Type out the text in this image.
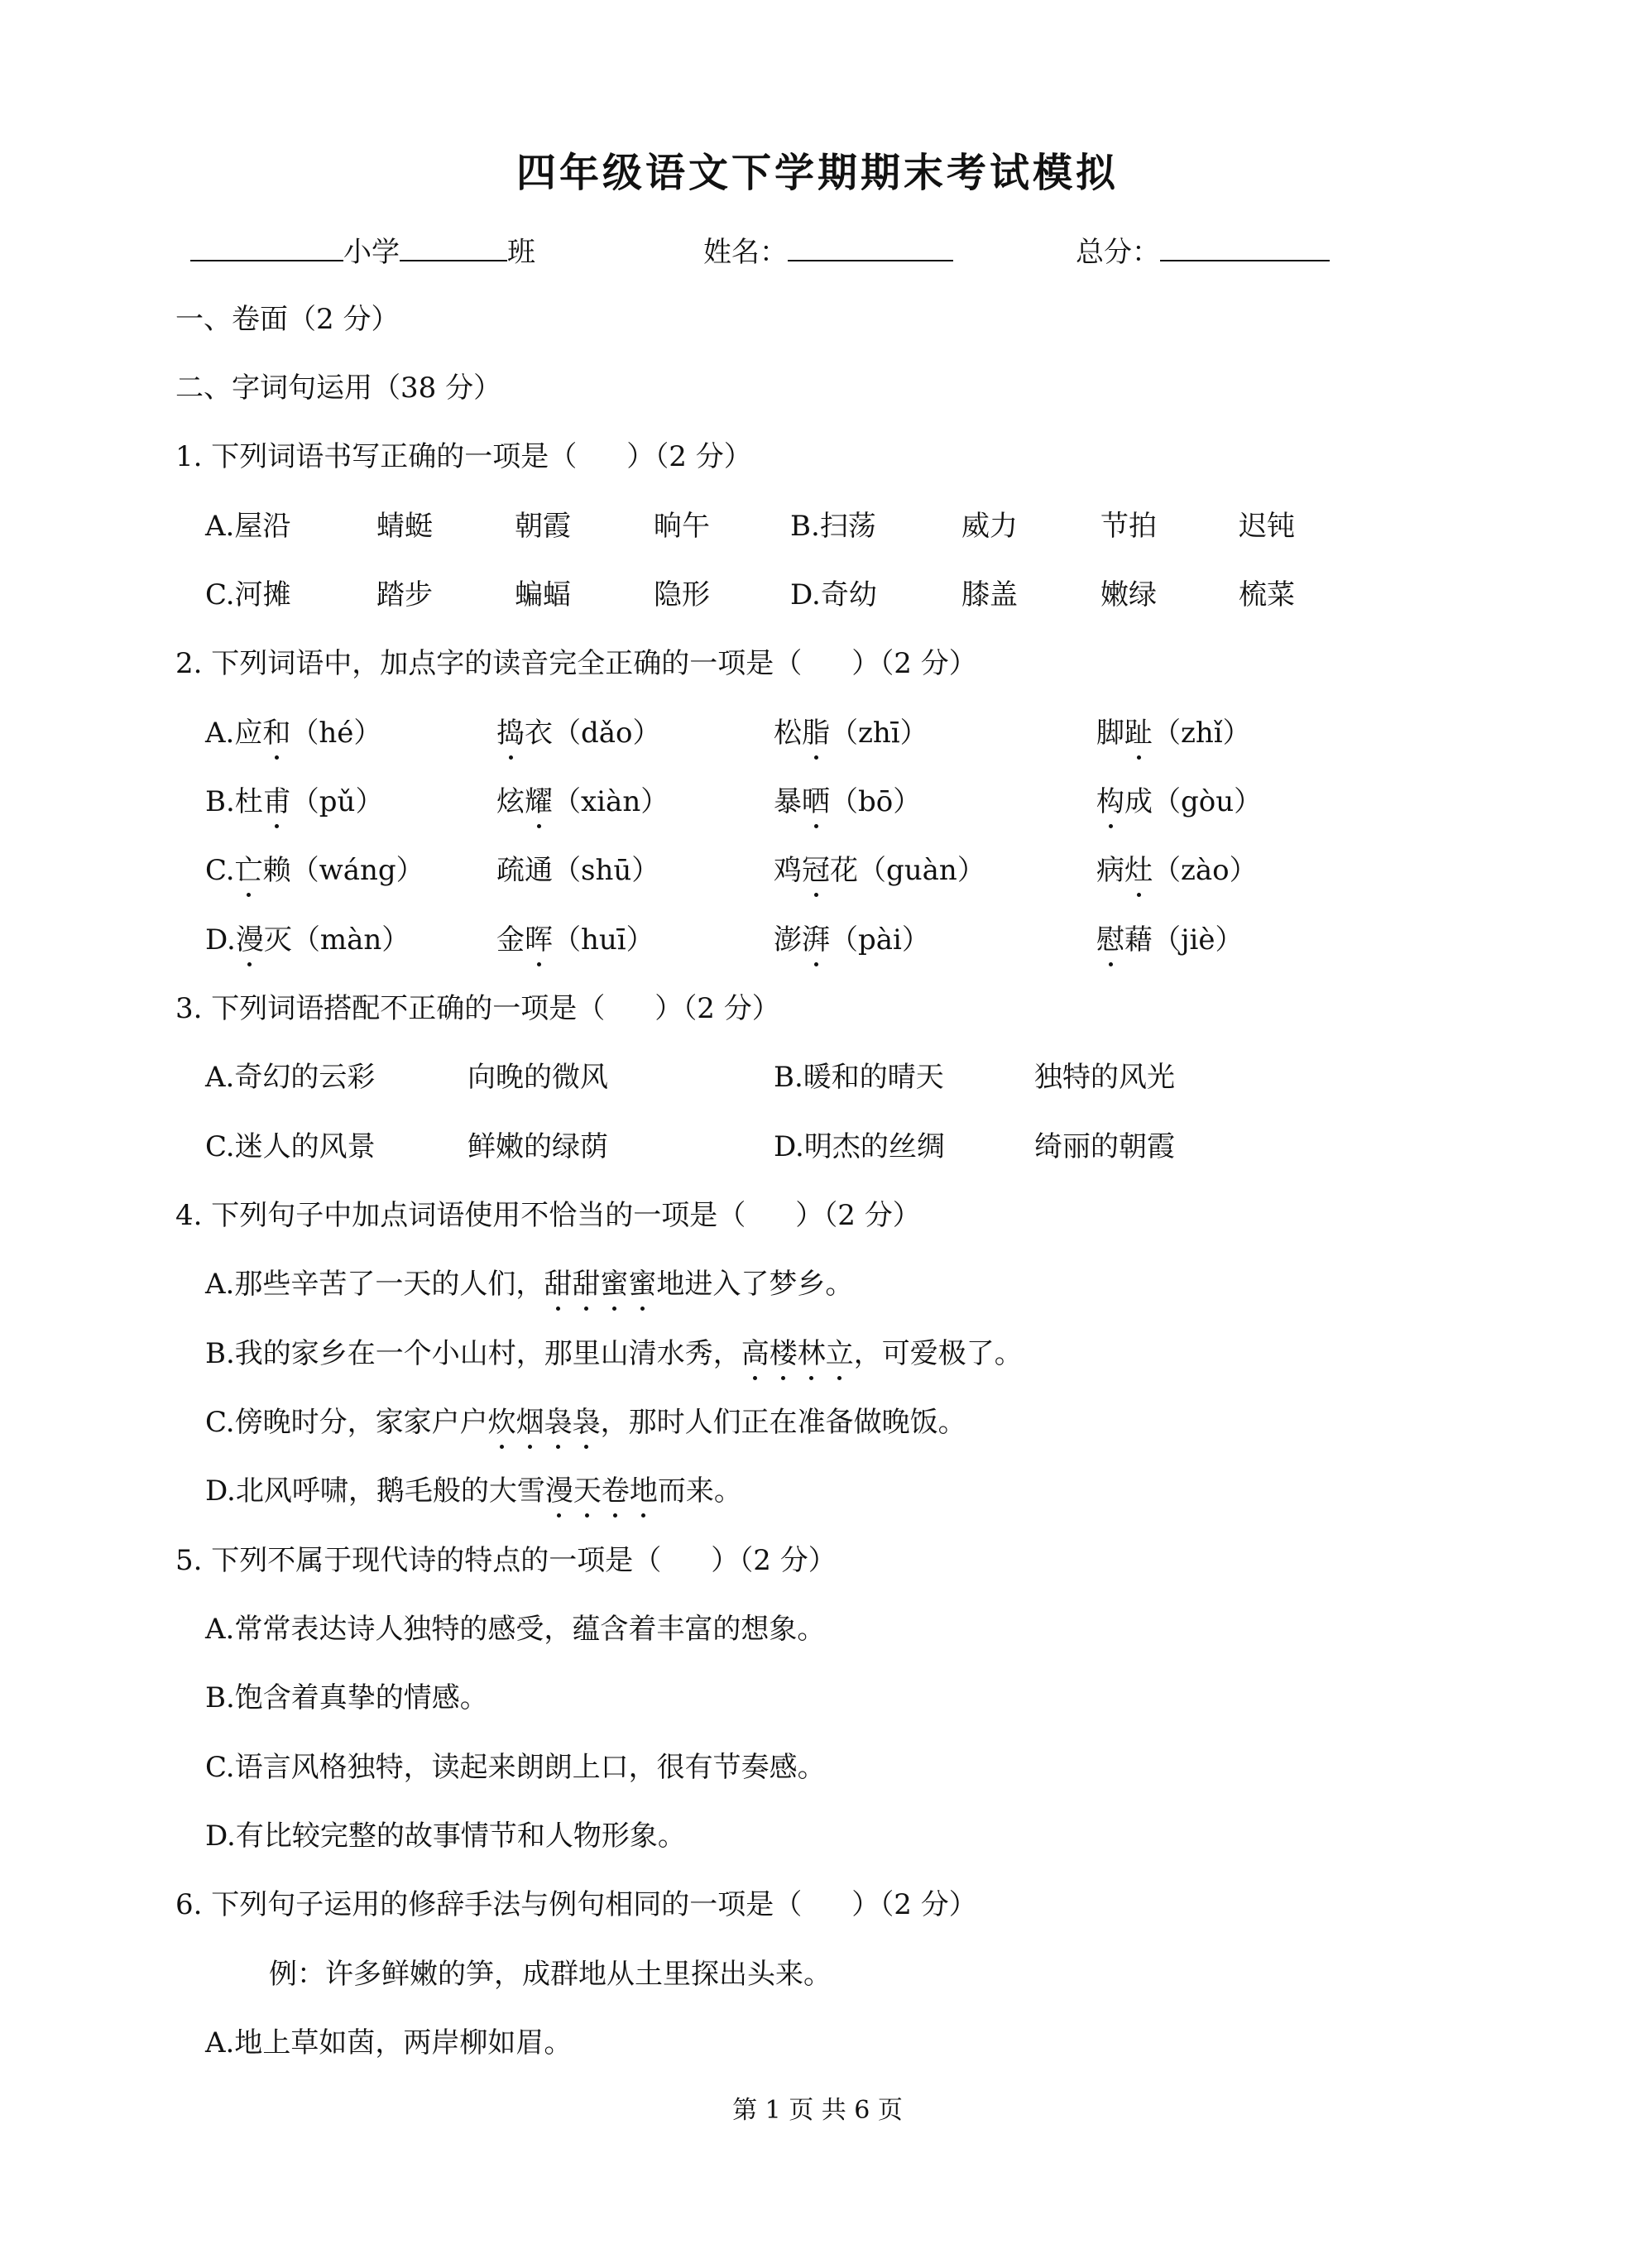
四年级语文下学期期末考试模拟
小学	班	姓名：	总分：
一、卷面（2 分）
二、字词句运用（38 分）
1. 下列词语书写正确的一项是（ ）（2 分）
A.屋沿	蜻蜓	朝霞	晌午	B.扫荡	威力	节拍	迟钝
C.河摊	踏步	蝙蝠	隐形	D.奇幼	膝盖	嫩绿	梳菜
2. 下列词语中，加点字的读音完全正确的一项是（ ）（2 分）
A.应和（hé）	捣衣（dǎo）	松脂（zhī）	脚趾（zhǐ）
B.杜甫（pǔ）	炫耀（xiàn）	暴晒（bō）	构成（gòu）
C.亡赖（wáng）	疏通（shū）	鸡冠花（guàn）	病灶（zào）
D.漫灭（màn）	金晖（huī）	澎湃（pài）	慰藉（jiè）
3. 下列词语搭配不正确的一项是（ ）（2 分）
A.奇幻的云彩	向晚的微风	B.暖和的晴天	独特的风光
C.迷人的风景	鲜嫩的绿荫	D.明杰的丝绸	绮丽的朝霞
4. 下列句子中加点词语使用不恰当的一项是（ ）（2 分）
A.那些辛苦了一天的人们，甜甜蜜蜜地进入了梦乡。
B.我的家乡在一个小山村，那里山清水秀，高楼林立，可爱极了。
C.傍晚时分，家家户户炊烟袅袅，那时人们正在准备做晚饭。
D.北风呼啸，鹅毛般的大雪漫天卷地而来。
5. 下列不属于现代诗的特点的一项是（ ）（2 分）
A.常常表达诗人独特的感受，蕴含着丰富的想象。
B.饱含着真挚的情感。
C.语言风格独特，读起来朗朗上口，很有节奏感。
D.有比较完整的故事情节和人物形象。
6. 下列句子运用的修辞手法与例句相同的一项是（ ）（2 分）
例：许多鲜嫩的笋，成群地从土里探出头来。
A.地上草如茵，两岸柳如眉。
第 1 页 共 6 页
